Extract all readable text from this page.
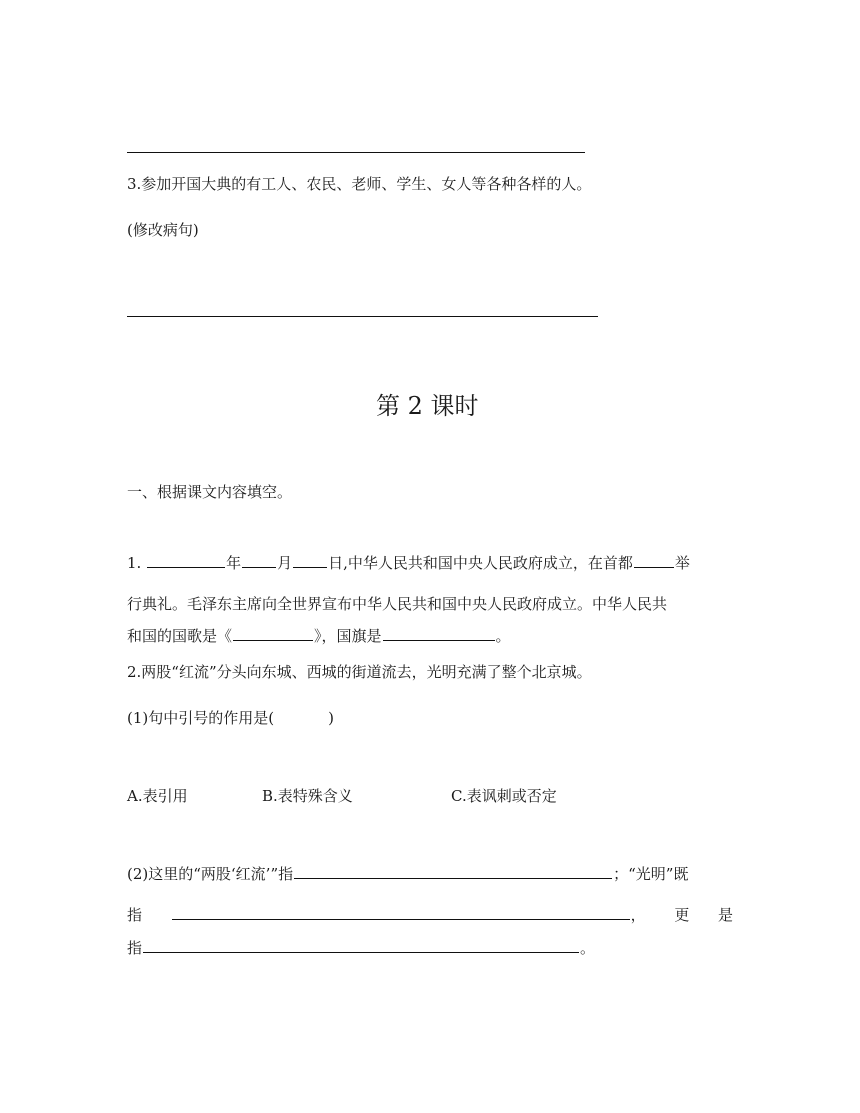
3.参加开国大典的有工人、农民、老师、学生、女人等各种各样的人。
(修改病句)
第 2 课时
一、根据课文内容填空。
1.	年 月 日,中华人民共和国中央人民政府成立，在首都	举
行典礼。毛泽东主席向全世界宣布中华人民共和国中央人民政府成立。中华人民共
和国的国歌是《	》，国旗是	。
2.两股“红流”分头向东城、西城的街道流去，光明充满了整个北京城。
(1)句中引号的作用是(	)
A.表引用	B.表特殊含义	C.表讽刺或否定
(2)这里的“两股‘红流’”指	；“光明”既
指	， 更 是
指	。
